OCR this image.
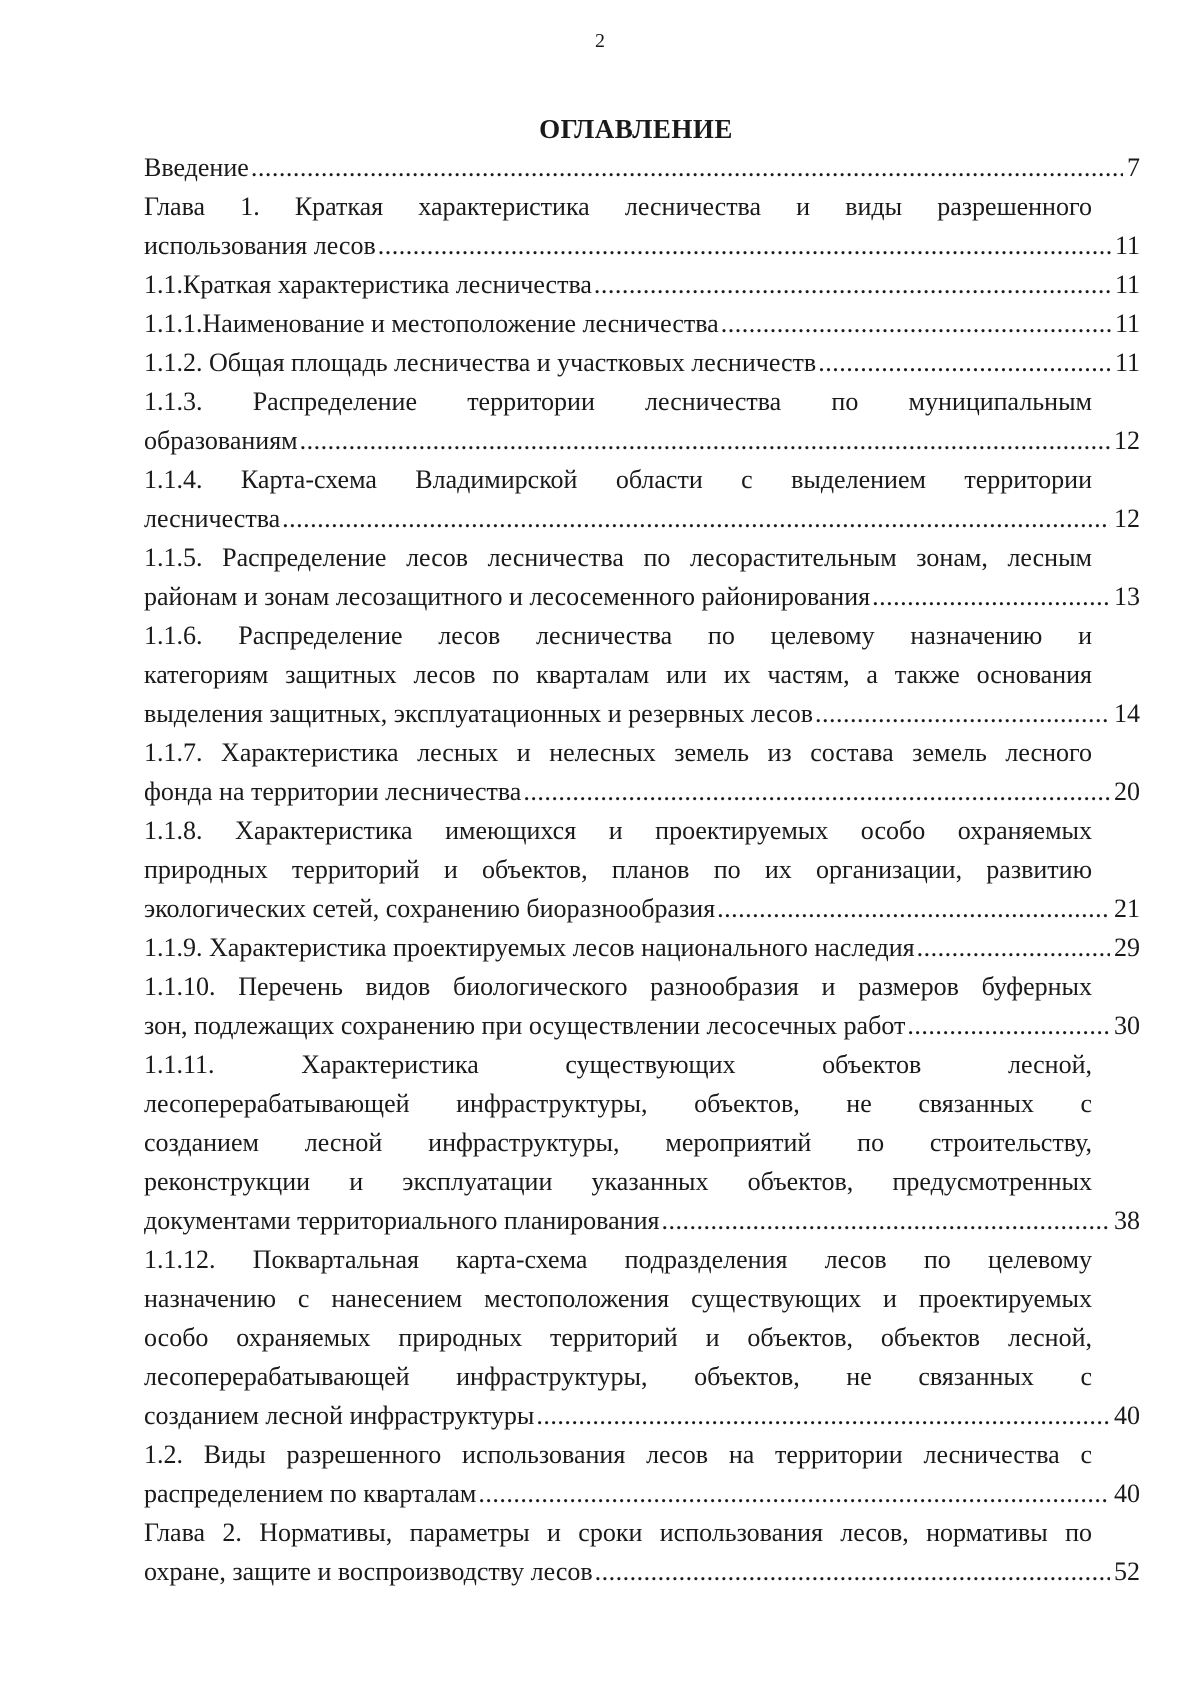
2
ОГЛАВЛЕНИЕ
Введение .....	7
Глава 1. Краткая характеристика лесничества и виды разрешенного
использования лесов .....	11
1.1.Краткая характеристика лесничества .....	11
1.1.1.Наименование и местоположение лесничества .....	11
1.1.2. Общая площадь лесничества и участковых лесничеств .....	11
1.1.3. Распределение территории лесничества по муниципальным
образованиям .....	12
1.1.4. Карта-схема Владимирской области с выделением территории
лесничества .....	12
1.1.5. Распределение лесов лесничества по лесорастительным зонам, лесным
районам и зонам лесозащитного и лесосеменного районирования .....	13
1.1.6. Распределение лесов лесничества по целевому назначению и
категориям защитных лесов по кварталам или их частям, а также основания
выделения защитных, эксплуатационных и резервных лесов .....	14
1.1.7. Характеристика лесных и нелесных земель из состава земель лесного
фонда на территории лесничества .....	20
1.1.8. Характеристика имеющихся и проектируемых особо охраняемых
природных территорий и объектов, планов по их организации, развитию
экологических сетей, сохранению биоразнообразия .....	21
1.1.9. Характеристика проектируемых лесов национального наследия .....	29
1.1.10. Перечень видов биологического разнообразия и размеров буферных
зон, подлежащих сохранению при осуществлении лесосечных работ .....	30
1.1.11. Характеристика существующих объектов лесной,
лесоперерабатывающей инфраструктуры, объектов, не связанных с
созданием лесной инфраструктуры, мероприятий по строительству,
реконструкции и эксплуатации указанных объектов, предусмотренных
документами территориального планирования .....	38
1.1.12. Поквартальная карта-схема подразделения лесов по целевому
назначению с нанесением местоположения существующих и проектируемых
особо охраняемых природных территорий и объектов, объектов лесной,
лесоперерабатывающей инфраструктуры, объектов, не связанных с
созданием лесной инфраструктуры .....	40
1.2. Виды разрешенного использования лесов на территории лесничества с
распределением по кварталам .....	40
Глава 2. Нормативы, параметры и сроки использования лесов, нормативы по
охране, защите и воспроизводству лесов .....	52
